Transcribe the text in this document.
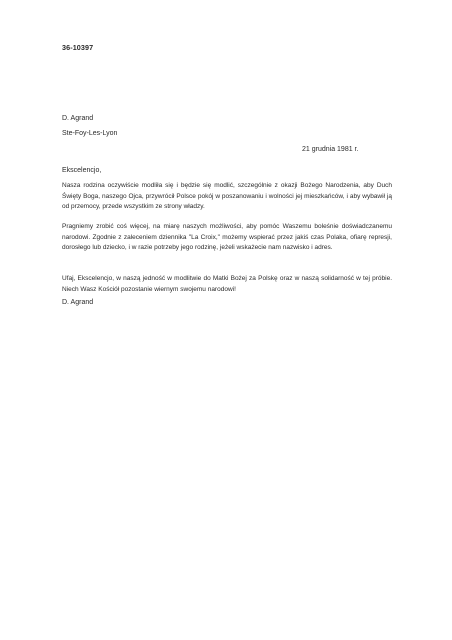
36-10397
D. Agrand
Ste-Foy-Les-Lyon
21 grudnia 1981 r.
Ekscelencjo,

Nasza rodzina oczywiście modliła się i będzie się modlić, szczególnie z okazji Bożego Narodzenia, aby Duch Święty Boga, naszego Ojca, przywrócił Polsce pokój w poszanowaniu i wolności jej mieszkańców, i aby wybawił ją od przemocy, przede wszystkim ze strony władzy.

Pragniemy zrobić coś więcej, na miarę naszych możliwości, aby pomóc Waszemu boleśnie doświadczanemu narodowi. Zgodnie z zaleceniem dziennika "La Croix," możemy wspierać przez jakiś czas Polaka, ofiarę represji, dorosłego lub dziecko, i w razie potrzeby jego rodzinę, jeżeli wskażecie nam nazwisko i adres.

Ufaj, Ekscelencjo, w naszą jedność w modlitwie do Matki Bożej za Polskę oraz w naszą solidarność w tej próbie. Niech Wasz Kościół pozostanie wiernym swojemu narodowi!

D. Agrand
